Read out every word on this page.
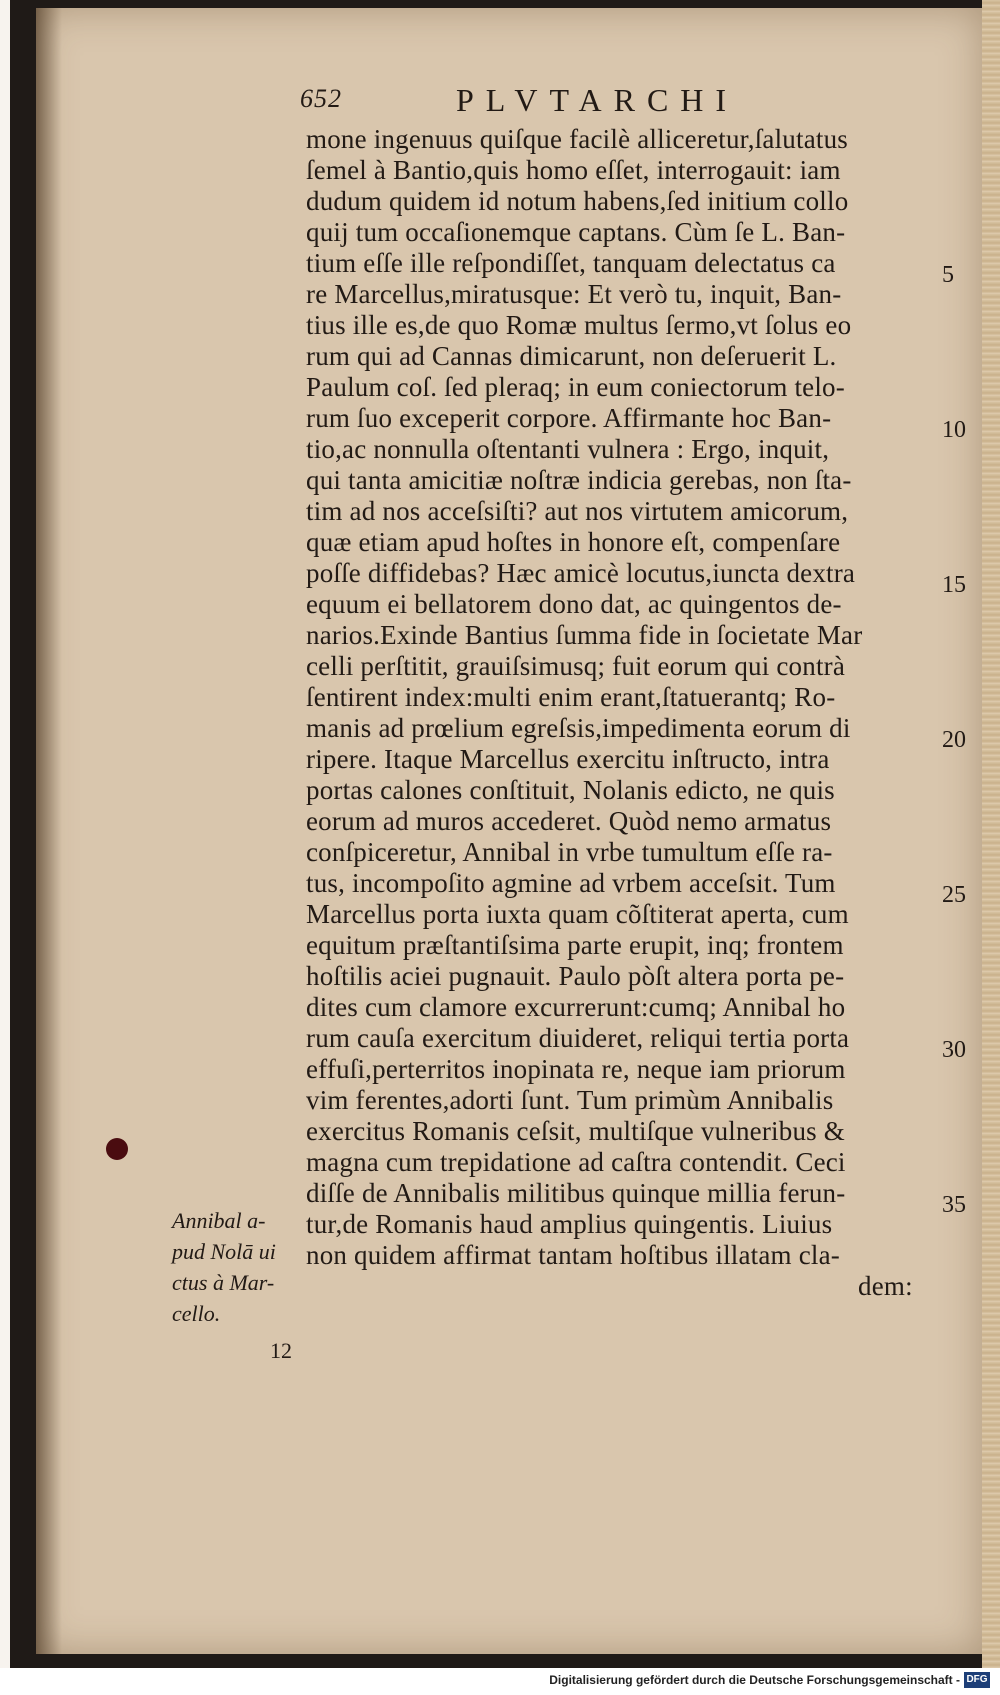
652	PLVTARCHI
mone ingenuus quiſque facilè alliceretur,ſalutatus
ſemel à Bantio,quis homo eſſet, interrogauit: iam
dudum quidem id notum habens,ſed initium collo
quij tum occaſionemque captans. Cùm ſe L. Ban-
tium eſſe ille reſpondiſſet, tanquam delectatus ca
re Marcellus,miratusque: Et verò tu, inquit, Ban-
tius ille es,de quo Romæ multus ſermo,vt ſolus eo
rum qui ad Cannas dimicarunt, non deſeruerit L.
Paulum coſ. ſed pleraq; in eum coniectorum telo-
rum ſuo exceperit corpore. Affirmante hoc Ban-
tio,ac nonnulla oſtentanti vulnera : Ergo, inquit,
qui tanta amicitiæ noſtræ indicia gerebas, non ſta-
tim ad nos acceſsiſti? aut nos virtutem amicorum,
quæ etiam apud hoſtes in honore eſt, compenſare
poſſe diffidebas? Hæc amicè locutus,iuncta dextra
equum ei bellatorem dono dat, ac quingentos de-
narios.Exinde Bantius ſumma fide in ſocietate Mar
celli perſtitit, grauiſsimusq; fuit eorum qui contrà
ſentirent index:multi enim erant,ſtatuerantq; Ro-
manis ad prœlium egreſsis,impedimenta eorum di
ripere. Itaque Marcellus exercitu inſtructo, intra
portas calones conſtituit, Nolanis edicto, ne quis
eorum ad muros accederet. Quòd nemo armatus
conſpiceretur, Annibal in vrbe tumultum eſſe ra-
tus, incompoſito agmine ad vrbem acceſsit. Tum
Marcellus porta iuxta quam cõſtiterat aperta, cum
equitum præſtantiſsima parte erupit, inq; frontem
hoſtilis aciei pugnauit. Paulo pòſt altera porta pe-
dites cum clamore excurrerunt:cumq; Annibal ho
rum cauſa exercitum diuideret, reliqui tertia porta
effuſi,perterritos inopinata re, neque iam priorum
vim ferentes,adorti ſunt. Tum primùm Annibalis
exercitus Romanis ceſsit, multiſque vulneribus &
magna cum trepidatione ad caſtra contendit. Ceci
diſſe de Annibalis militibus quinque millia ferun-
tur,de Romanis haud amplius quingentis. Liuius
non quidem affirmat tantam hoſtibus illatam cla-
dem:
5
10
15
20
25
30
35
Annibal a-
pud Nolā ui
ctus à Mar-
cello.
12
Digitalisierung gefördert durch die Deutsche Forschungsgemeinschaft - DFG
